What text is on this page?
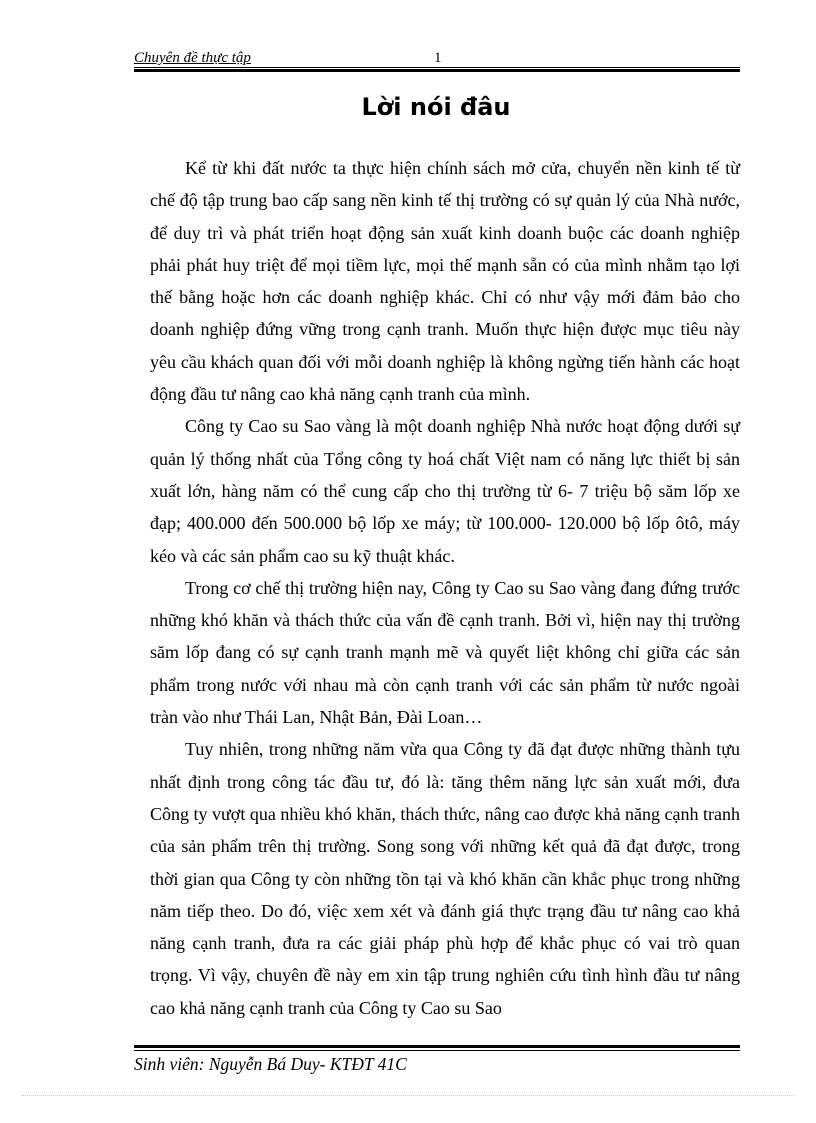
Chuyên đề thực tập	1
Lời nói đâu

Kể từ khi đất nước ta thực hiện chính sách mở cửa, chuyển nền kinh tế từ chế độ tập trung bao cấp sang nền kinh tế thị trường có sự quản lý của Nhà nước, để duy trì và phát triển hoạt động sản xuất kinh doanh buộc các doanh nghiệp phải phát huy triệt để mọi tiềm lực, mọi thế mạnh sẵn có của mình nhằm tạo lợi thế bằng hoặc hơn các doanh nghiệp khác. Chỉ có như vậy mới đảm bảo cho doanh nghiệp đứng vững trong cạnh tranh. Muốn thực hiện được mục tiêu này yêu cầu khách quan đối với mỗi doanh nghiệp là không ngừng tiến hành các hoạt động đầu tư nâng cao khả năng cạnh tranh của mình.

Công ty Cao su Sao vàng là một doanh nghiệp Nhà nước hoạt động dưới sự quản lý thống nhất của Tổng công ty hoá chất Việt nam có năng lực thiết bị sản xuất lớn, hàng năm có thể cung cấp cho thị trường từ 6- 7 triệu bộ săm lốp xe đạp; 400.000 đến 500.000 bộ lốp xe máy; từ 100.000- 120.000 bộ lốp ôtô, máy kéo và các sản phẩm cao su kỹ thuật khác.

Trong cơ chế thị trường hiện nay, Công ty Cao su Sao vàng đang đứng trước những khó khăn và thách thức của vấn đề cạnh tranh. Bởi vì, hiện nay thị trường săm lốp đang có sự cạnh tranh mạnh mẽ và quyết liệt không chỉ giữa các sản phẩm trong nước với nhau mà còn cạnh tranh với các sản phẩm từ nước ngoài tràn vào như Thái Lan, Nhật Bản, Đài Loan…

Tuy nhiên, trong những năm vừa qua Công ty đã đạt được những thành tựu nhất định trong công tác đầu tư, đó là: tăng thêm năng lực sản xuất mới, đưa Công ty vượt qua nhiều khó khăn, thách thức, nâng cao được khả năng cạnh tranh của sản phẩm trên thị trường. Song song với những kết quả đã đạt được, trong thời gian qua Công ty còn những tồn tại và khó khăn cần khắc phục trong những năm tiếp theo. Do đó, việc xem xét và đánh giá thực trạng đầu tư nâng cao khả năng cạnh tranh, đưa ra các giải pháp phù hợp để khắc phục có vai trò quan trọng. Vì vậy, chuyên đề này em xin tập trung nghiên cứu tình hình đầu tư nâng cao khả năng cạnh tranh của Công ty Cao su Sao

Sinh viên: Nguyễn Bá Duy- KTĐT 41C
